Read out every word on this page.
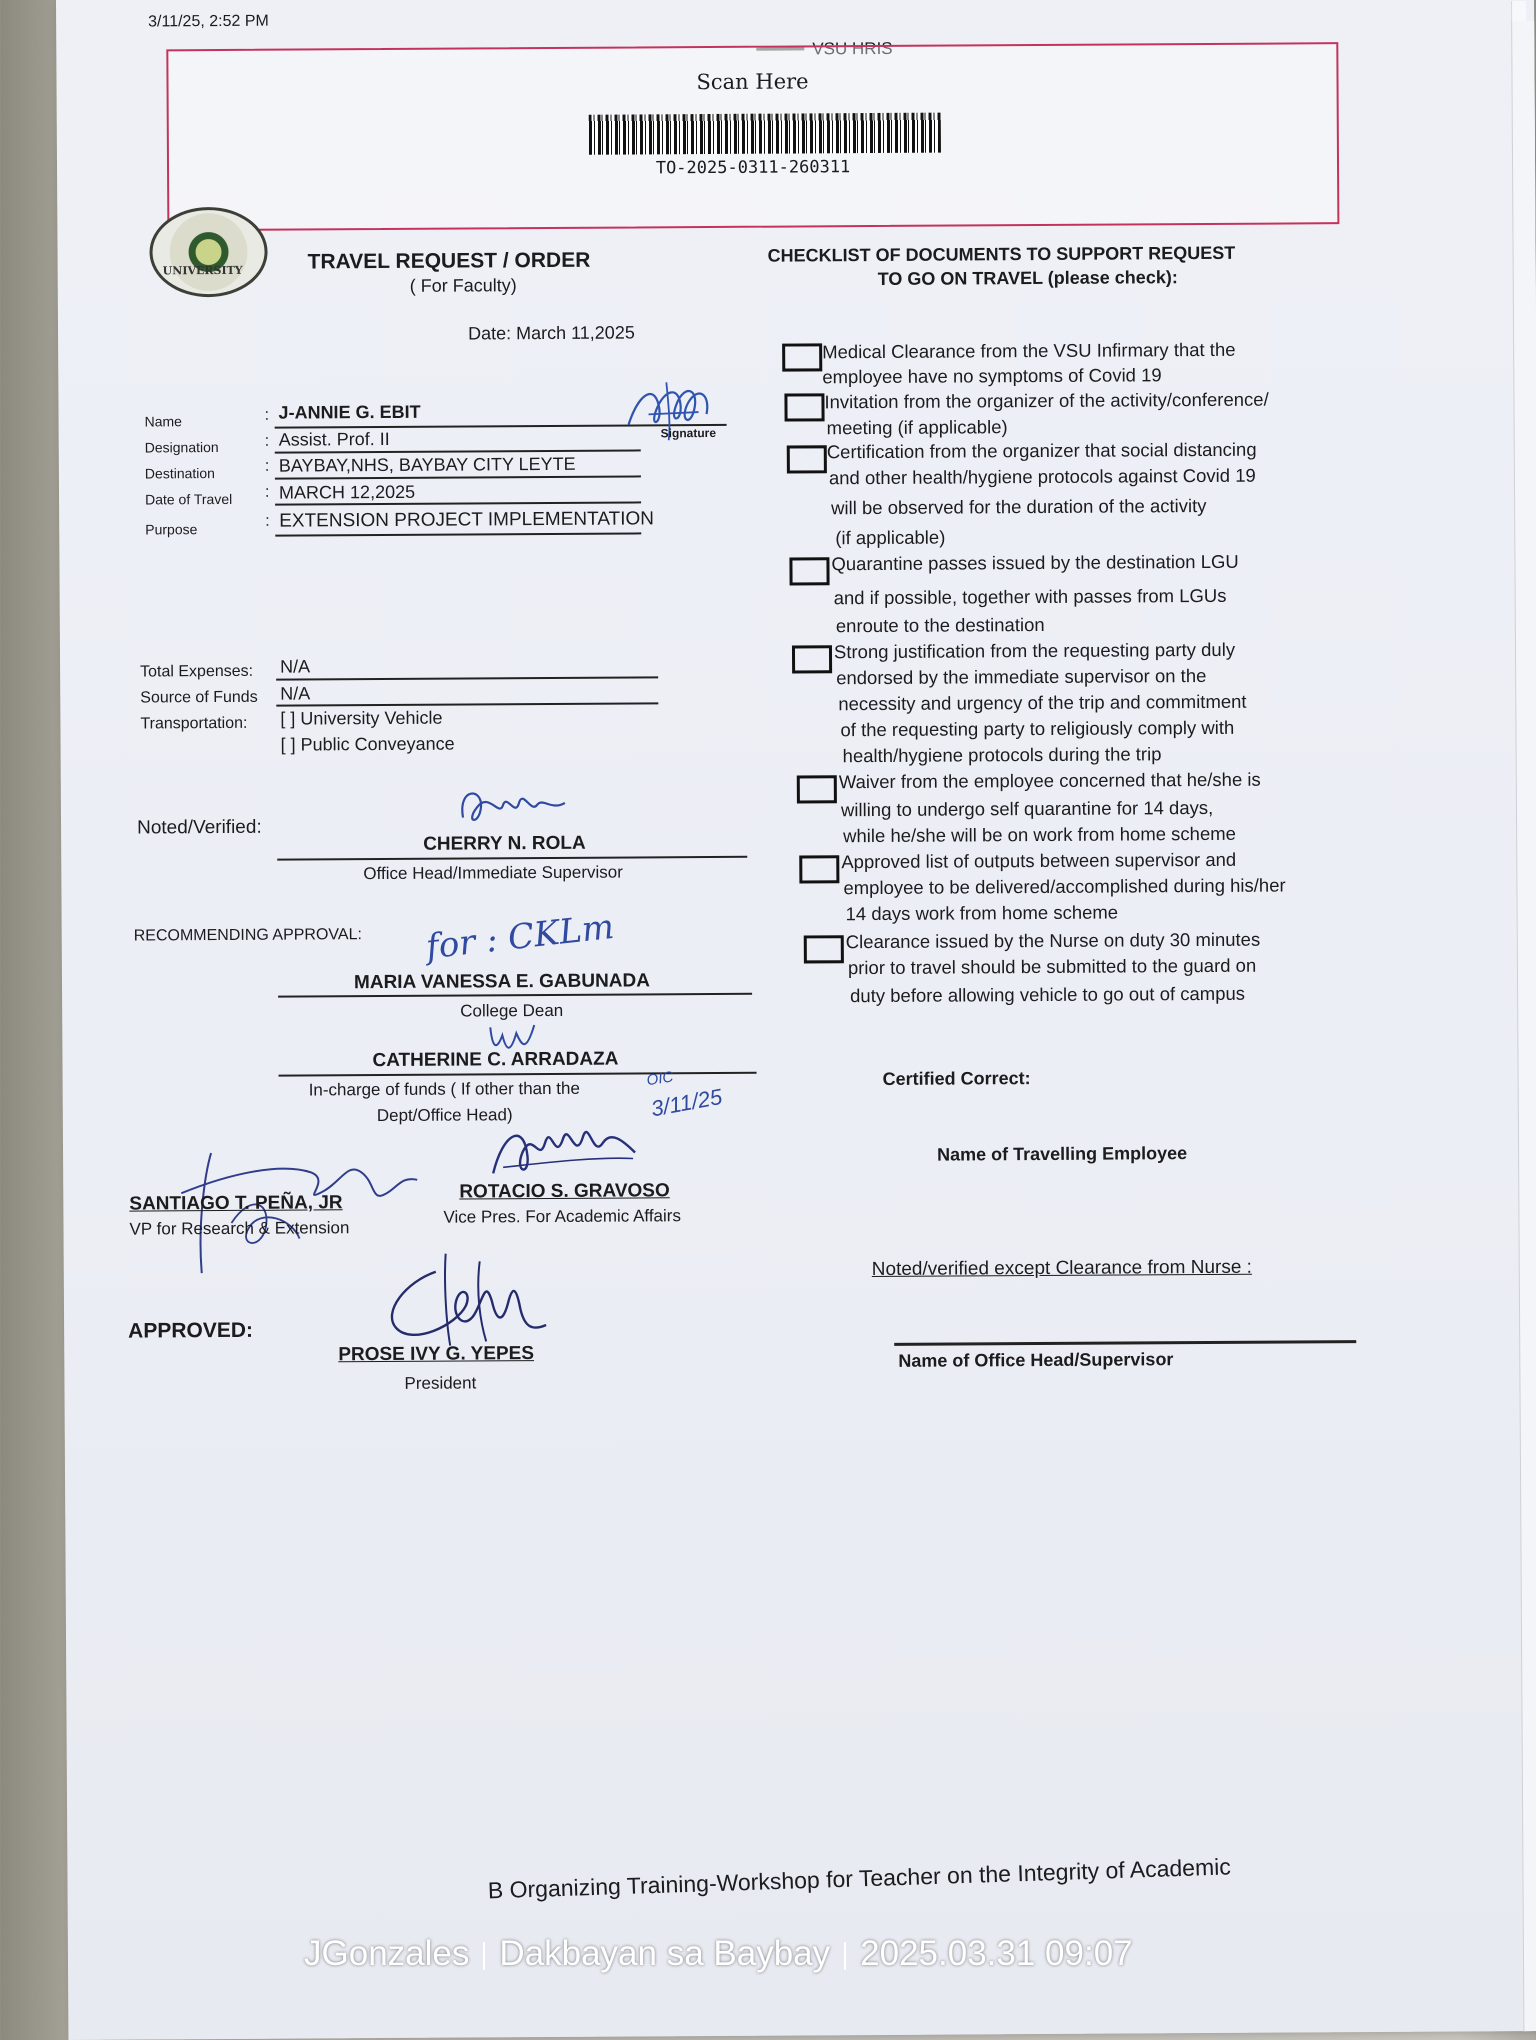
3/11/25, 2:52 PM
VSU HRIS
Scan Here
TO-2025-0311-260311
UNIVERSITY	TRAVEL REQUEST / ORDER
( For Faculty)
Date: March 11,2025
Name	: J-ANNIE G. EBIT
Designation	: Assist. Prof. II
Destination	: BAYBAY,NHS, BAYBAY CITY LEYTE
Date of Travel : MARCH 12,2025
Purpose	: EXTENSION PROJECT IMPLEMENTATION
Signature
Total Expenses: N/A
Source of Funds N/A
Transportation: [ ] University Vehicle
[ ] Public Conveyance
Noted/Verified:
CHERRY N. ROLA
Office Head/Immediate Supervisor
RECOMMENDING APPROVAL: for : CKLm
MARIA VANESSA E. GABUNADA
College Dean
CATHERINE C. ARRADAZA
In-charge of funds ( If other than the
Dept/Office Head)
OIC
3/11/25
SANTIAGO T. PEÑA, JR
VP for Research & Extension
ROTACIO S. GRAVOSO
Vice Pres. For Academic Affairs
APPROVED:
PROSE IVY G. YEPES
President
CHECKLIST OF DOCUMENTS TO SUPPORT REQUEST
TO GO ON TRAVEL (please check):
Medical Clearance from the VSU Infirmary that the
employee have no symptoms of Covid 19
Invitation from the organizer of the activity/conference/
meeting (if applicable)
Certification from the organizer that social distancing
and other health/hygiene protocols against Covid 19
will be observed for the duration of the activity
(if applicable)
Quarantine passes issued by the destination LGU
and if possible, together with passes from LGUs
enroute to the destination
Strong justification from the requesting party duly
endorsed by the immediate supervisor on the
necessity and urgency of the trip and commitment
of the requesting party to religiously comply with
health/hygiene protocols during the trip
Waiver from the employee concerned that he/she is
willing to undergo self quarantine for 14 days,
while he/she will be on work from home scheme
Approved list of outputs between supervisor and
employee to be delivered/accomplished during his/her
14 days work from home scheme
Clearance issued by the Nurse on duty 30 minutes
prior to travel should be submitted to the guard on
duty before allowing vehicle to go out of campus
Certified Correct:
Name of Travelling Employee
Noted/verified except Clearance from Nurse :
Name of Office Head/Supervisor
B Organizing Training-Workshop for Teacher on the Integrity of Academic
JGonzales Dakbayan sa Baybay 2025.03.31 09:07
